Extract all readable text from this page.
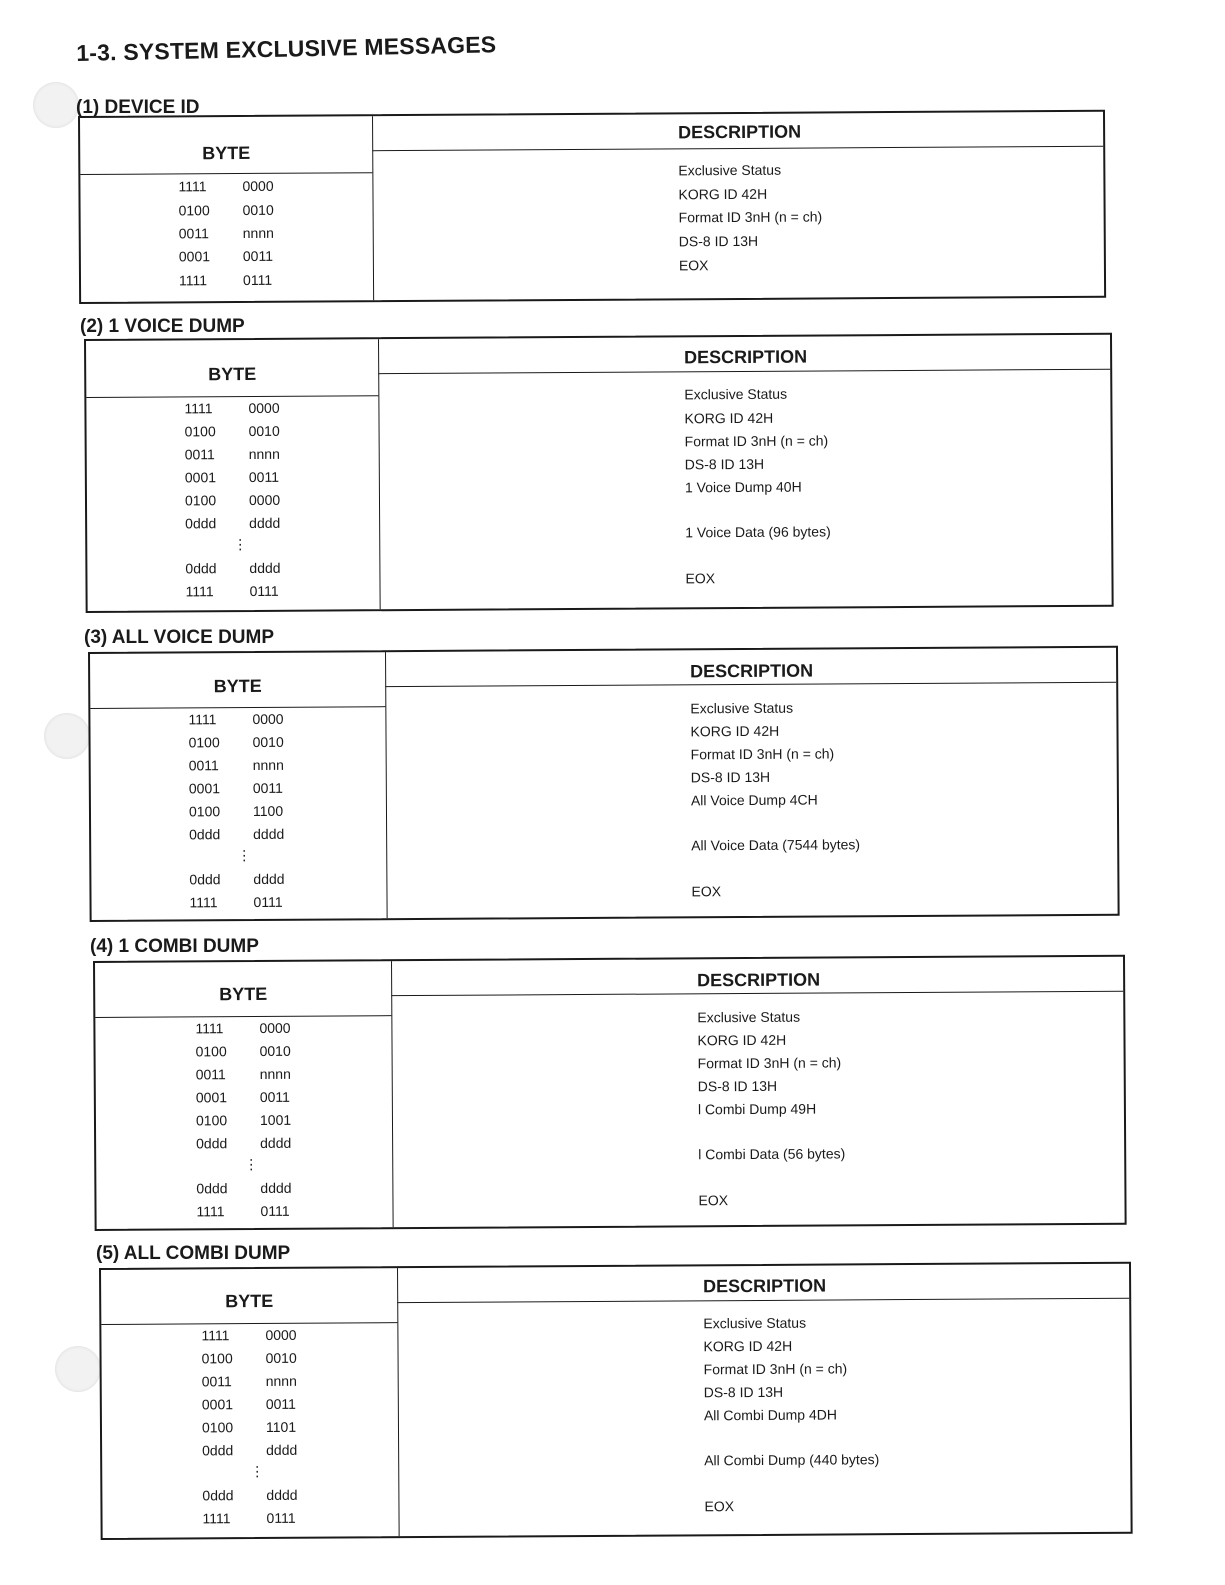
1-3. SYSTEM EXCLUSIVE MESSAGES
(1) DEVICE ID
BYTE
DESCRIPTION
1111	0000
0100 0010
0011 nnnn
0001 0011
1111	0111
Exclusive Status
KORG ID 42H
Format ID 3nH (n = ch)
DS-8 ID 13H
EOX
(2) 1 VOICE DUMP
BYTE
DESCRIPTION
1111	0000
0100 0010
0011 nnnn
0001 0011
0100 0000
0ddd dddd
⋮
0ddd dddd
1111	0111
Exclusive Status
KORG ID 42H
Format ID 3nH (n = ch)
DS-8 ID 13H
1 Voice Dump 40H
1 Voice Data (96 bytes)
EOX
(3) ALL VOICE DUMP
BYTE
DESCRIPTION
1111	0000
0100 0010
0011 nnnn
0001 0011
0100 1100
0ddd dddd
⋮
0ddd dddd
1111	0111
Exclusive Status
KORG ID 42H
Format ID 3nH (n = ch)
DS-8 ID 13H
All Voice Dump 4CH
All Voice Data (7544 bytes)
EOX
(4) 1 COMBI DUMP
BYTE
DESCRIPTION
1111	0000
0100 0010
0011 nnnn
0001 0011
0100 1001
0ddd dddd
⋮
0ddd dddd
1111	0111
Exclusive Status
KORG ID 42H
Format ID 3nH (n = ch)
DS-8 ID 13H
l Combi Dump 49H
l Combi Data (56 bytes)
EOX
(5) ALL COMBI DUMP
BYTE
DESCRIPTION
1111	0000
0100 0010
0011 nnnn
0001 0011
0100 1101
0ddd dddd
⋮
0ddd dddd
1111	0111
Exclusive Status
KORG ID 42H
Format ID 3nH (n = ch)
DS-8 ID 13H
All Combi Dump 4DH
All Combi Dump (440 bytes)
EOX
